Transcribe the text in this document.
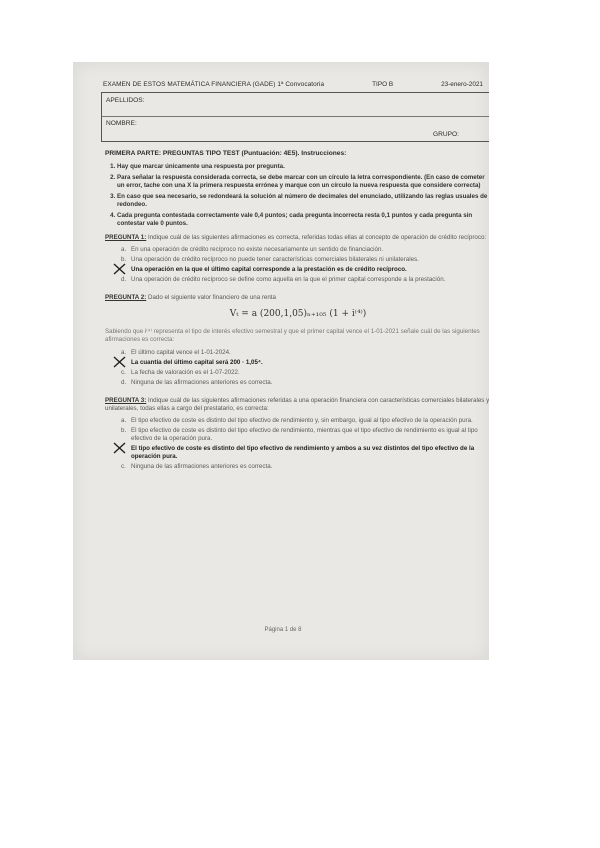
EXAMEN DE ESTOS MATEMÁTICA FINANCIERA (GADE) 1ª Convocatoria	TIPO B	23-enero-2021
APELLIDOS:
NOMBRE:
GRUPO:
PRIMERA PARTE: PREGUNTAS TIPO TEST (Puntuación: 4E5). Instrucciones:
1. Hay que marcar únicamente una respuesta por pregunta.
2. Para señalar la respuesta considerada correcta, se debe marcar con un círculo la letra correspondiente. (En caso de cometer un error, tache con una X la primera respuesta errónea y marque con un círculo la nueva respuesta que considere correcta)
3. En caso que sea necesario, se redondeará la solución al número de decimales del enunciado, utilizando las reglas usuales de redondeo.
4. Cada pregunta contestada correctamente vale 0,4 puntos; cada pregunta incorrecta resta 0,1 puntos y cada pregunta sin contestar vale 0 puntos.
PREGUNTA 1: Indique cuál de las siguientes afirmaciones es correcta, referidas todas ellas al concepto de operación de crédito recíproco:
a. En una operación de crédito recíproco no existe necesariamente un sentido de financiación.
b. Una operación de crédito recíproco no puede tener características comerciales bilaterales ni unilaterales.
Una operación en la que el último capital corresponde a la prestación es de crédito recíproco.
d. Una operación de crédito recíproco se define como aquella en la que el primer capital corresponde a la prestación.
PREGUNTA 2: Dado el siguiente valor financiero de una renta
Vₜ = a (200,1,05)ₙ₊₁₀₅ (1 + i⁽⁴⁾)
Sabiendo que i⁽⁴⁾ representa el tipo de interés efectivo semestral y que el primer capital vence el 1-01-2021 señale cuál de las siguientes afirmaciones es correcta:
a. El último capital vence el 1-01-2024.
La cuantía del último capital será 200 · 1,05⁴.
c. La fecha de valoración es el 1-07-2022.
d. Ninguna de las afirmaciones anteriores es correcta.
PREGUNTA 3: Indique cuál de las siguientes afirmaciones referidas a una operación financiera con características comerciales bilaterales y unilaterales, todas ellas a cargo del prestatario, es correcta:
a. El tipo efectivo de coste es distinto del tipo efectivo de rendimiento y, sin embargo, igual al tipo efectivo de la operación pura.
b. El tipo efectivo de coste es distinto del tipo efectivo de rendimiento, mientras que el tipo efectivo de rendimiento es igual al tipo efectivo de la operación pura.
El tipo efectivo de coste es distinto del tipo efectivo de rendimiento y ambos a su vez distintos del tipo efectivo de la operación pura.
c. Ninguna de las afirmaciones anteriores es correcta.
Página 1 de 8
